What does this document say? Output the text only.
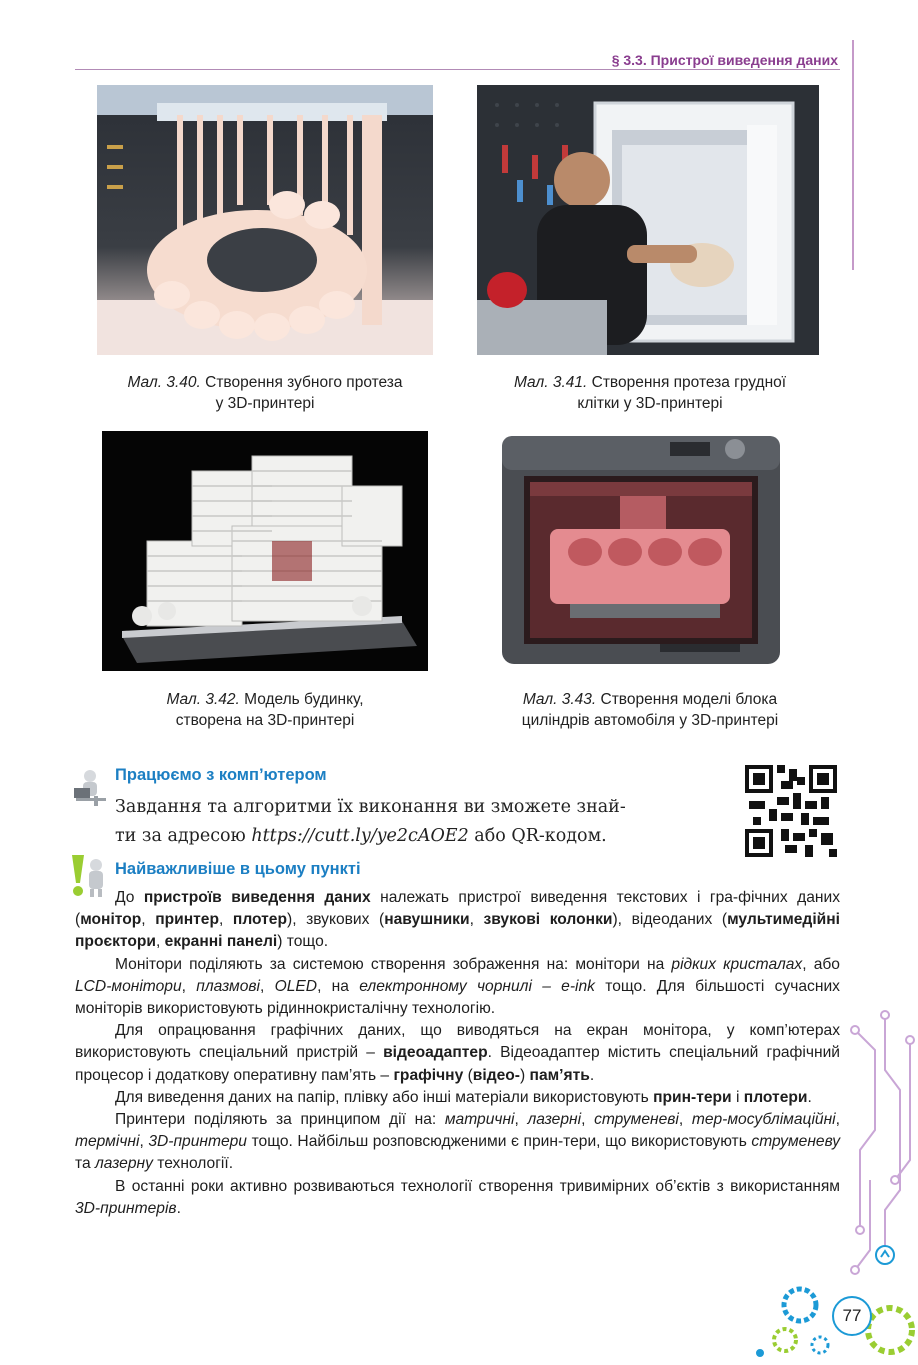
§ 3.3. Пристрої виведення даних
Мал. 3.40. Створення зубного протеза
у 3D-принтері
Мал. 3.41. Створення протеза грудної
клітки у 3D-принтері
Мал. 3.42. Модель будинку,
створена на 3D-принтері
Мал. 3.43. Створення моделі блока
циліндрів автомобіля у 3D-принтері
Працюємо з комп’ютером
Завдання та алгоритми їх виконання ви зможете знай-
ти за адресою https://cutt.ly/ye2cAOE2 або QR-кодом.
Найважливіше в цьому пункті

До пристроїв виведення даних належать пристрої виведення текстових і гра-фічних даних (монітор, принтер, плотер), звукових (навушники, звукові колонки), відеоданих (мультимедійні проєктори, екранні панелі) тощо.

Монітори поділяють за системою створення зображення на: монітори на рідких кристалах, або LCD-монітори, плазмові, OLED, на електронному чорнилі – e-ink тощо. Для більшості сучасних моніторів використовують рідиннокристалічну технологію.

Для опрацювання графічних даних, що виводяться на екран монітора, у комп’ютерах використовують спеціальний пристрій – відеоадаптер. Відеоадаптер містить спеціальний графічний процесор і додаткову оперативну пам’ять – графічну (відео-) пам’ять.

Для виведення даних на папір, плівку або інші матеріали використовують прин-тери і плотери.

Принтери поділяють за принципом дії на: матричні, лазерні, струменеві, тер-мосублімаційні, термічні, 3D-принтери тощо. Найбільш розповсюдженими є прин-тери, що використовують струменеву та лазерну технології.

В останні роки активно розвиваються технології створення тривимірних об’єктів з використанням 3D-принтерів.

77
